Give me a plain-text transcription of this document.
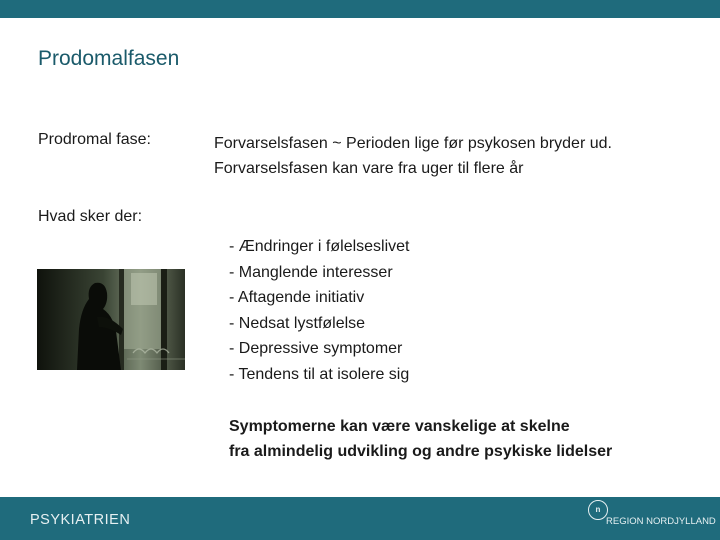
Prodomalfasen
Prodromal fase:	Forvarselsfasen ~ Perioden lige før psykosen bryder ud.
Forvarselsfasen kan vare fra uger til flere år
Hvad sker der:
- Ændringer i følelseslivet
- Manglende interesser
- Aftagende initiativ
- Nedsat lystfølelse
- Depressive symptomer
- Tendens til at isolere sig
Symptomerne kan være vanskelige at skelne
fra almindelig udvikling og andre psykiske lidelser
PSYKIATRIEN
n
REGION NORDJYLLAND
